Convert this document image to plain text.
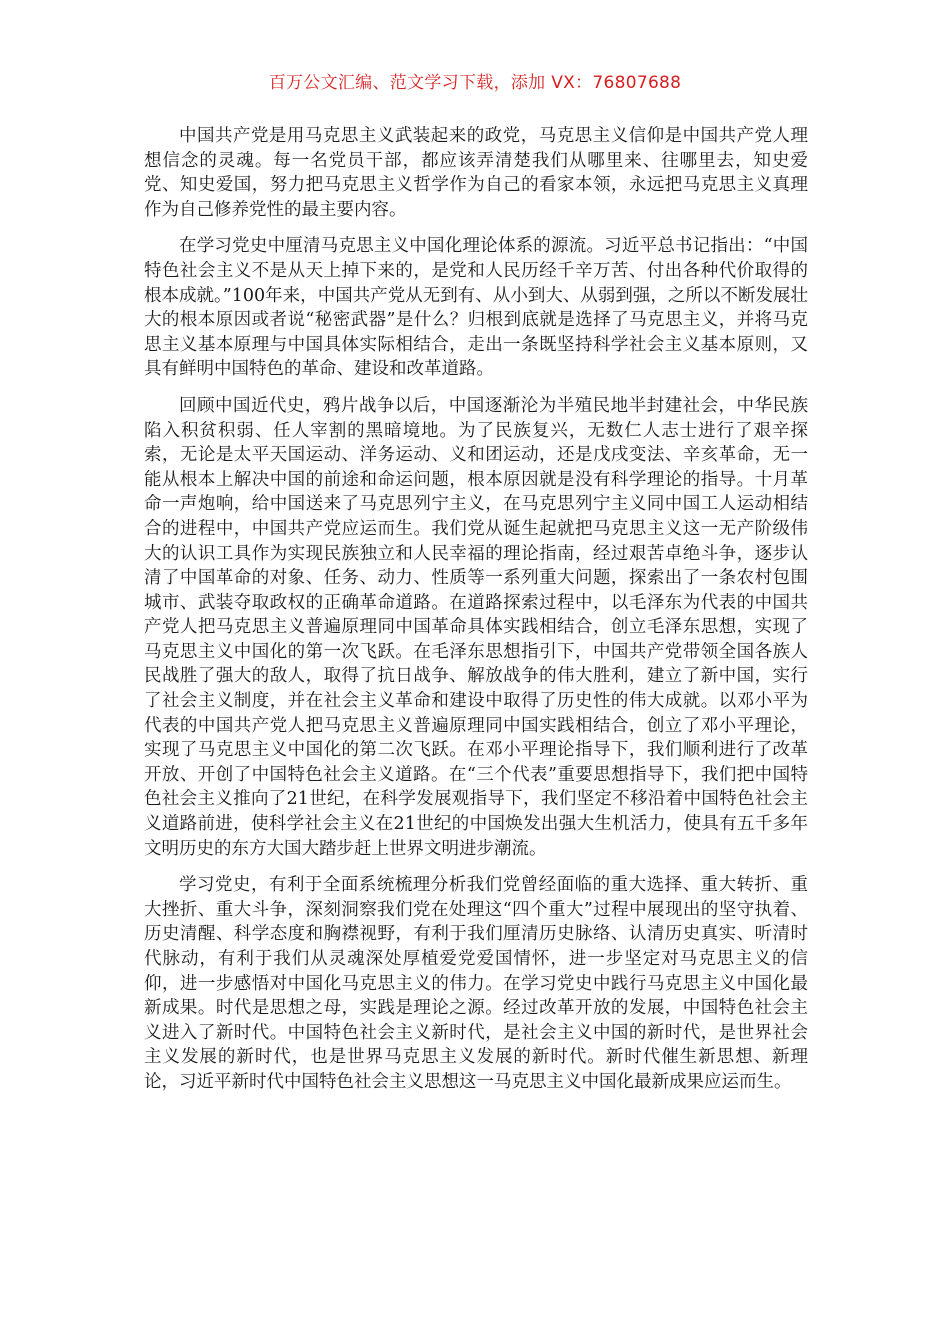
百万公文汇编、范文学习下载，添加 VX：76807688

中国共产党是用马克思主义武装起来的政党，马克思主义信仰是中国共产党人理想信念的灵魂。每一名党员干部，都应该弄清楚我们从哪里来、往哪里去，知史爱党、知史爱国，努力把马克思主义哲学作为自己的看家本领，永远把马克思主义真理作为自己修养党性的最主要内容。

在学习党史中厘清马克思主义中国化理论体系的源流。习近平总书记指出：“中国特色社会主义不是从天上掉下来的，是党和人民历经千辛万苦、付出各种代价取得的根本成就。”100年来，中国共产党从无到有、从小到大、从弱到强，之所以不断发展壮大的根本原因或者说“秘密武器”是什么？归根到底就是选择了马克思主义，并将马克思主义基本原理与中国具体实际相结合，走出一条既坚持科学社会主义基本原则，又具有鲜明中国特色的革命、建设和改革道路。

回顾中国近代史，鸦片战争以后，中国逐渐沦为半殖民地半封建社会，中华民族陷入积贫积弱、任人宰割的黑暗境地。为了民族复兴，无数仁人志士进行了艰辛探索，无论是太平天国运动、洋务运动、义和团运动，还是戊戌变法、辛亥革命，无一能从根本上解决中国的前途和命运问题，根本原因就是没有科学理论的指导。十月革命一声炮响，给中国送来了马克思列宁主义，在马克思列宁主义同中国工人运动相结合的进程中，中国共产党应运而生。我们党从诞生起就把马克思主义这一无产阶级伟大的认识工具作为实现民族独立和人民幸福的理论指南，经过艰苦卓绝斗争，逐步认清了中国革命的对象、任务、动力、性质等一系列重大问题，探索出了一条农村包围城市、武装夺取政权的正确革命道路。在道路探索过程中，以毛泽东为代表的中国共产党人把马克思主义普遍原理同中国革命具体实践相结合，创立毛泽东思想，实现了马克思主义中国化的第一次飞跃。在毛泽东思想指引下，中国共产党带领全国各族人民战胜了强大的敌人，取得了抗日战争、解放战争的伟大胜利，建立了新中国，实行了社会主义制度，并在社会主义革命和建设中取得了历史性的伟大成就。以邓小平为代表的中国共产党人把马克思主义普遍原理同中国实践相结合，创立了邓小平理论，实现了马克思主义中国化的第二次飞跃。在邓小平理论指导下，我们顺利进行了改革开放、开创了中国特色社会主义道路。在“三个代表”重要思想指导下，我们把中国特色社会主义推向了21世纪，在科学发展观指导下，我们坚定不移沿着中国特色社会主义道路前进，使科学社会主义在21世纪的中国焕发出强大生机活力，使具有五千多年文明历史的东方大国大踏步赶上世界文明进步潮流。

学习党史，有利于全面系统梳理分析我们党曾经面临的重大选择、重大转折、重大挫折、重大斗争，深刻洞察我们党在处理这“四个重大”过程中展现出的坚守执着、历史清醒、科学态度和胸襟视野，有利于我们厘清历史脉络、认清历史真实、听清时代脉动，有利于我们从灵魂深处厚植爱党爱国情怀，进一步坚定对马克思主义的信仰，进一步感悟对中国化马克思主义的伟力。在学习党史中践行马克思主义中国化最新成果。时代是思想之母，实践是理论之源。经过改革开放的发展，中国特色社会主义进入了新时代。中国特色社会主义新时代，是社会主义中国的新时代，是世界社会主义发展的新时代，也是世界马克思主义发展的新时代。新时代催生新思想、新理论，习近平新时代中国特色社会主义思想这一马克思主义中国化最新成果应运而生。
